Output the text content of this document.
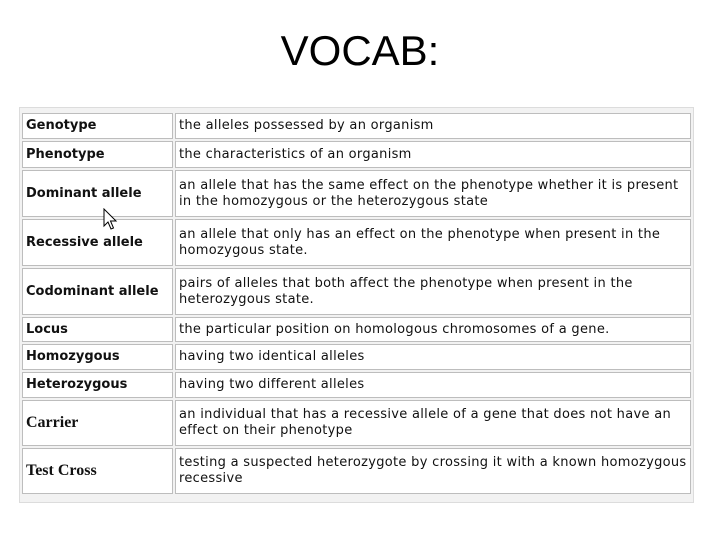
VOCAB:
Genotype	the alleles possessed by an organism
Phenotype	the characteristics of an organism
Dominant allele	an allele that has the same effect on the phenotype whether it is present in the homozygous or the heterozygous state
Recessive allele	an allele that only has an effect on the phenotype when present in the homozygous state.
Codominant allele	pairs of alleles that both affect the phenotype when present in the heterozygous state.
Locus	the particular position on homologous chromosomes of a gene.
Homozygous	having two identical alleles
Heterozygous	having two different alleles
Carrier	an individual that has a recessive allele of a gene that does not have an effect on their phenotype
Test Cross	testing a suspected heterozygote by crossing it with a known homozygous recessive
